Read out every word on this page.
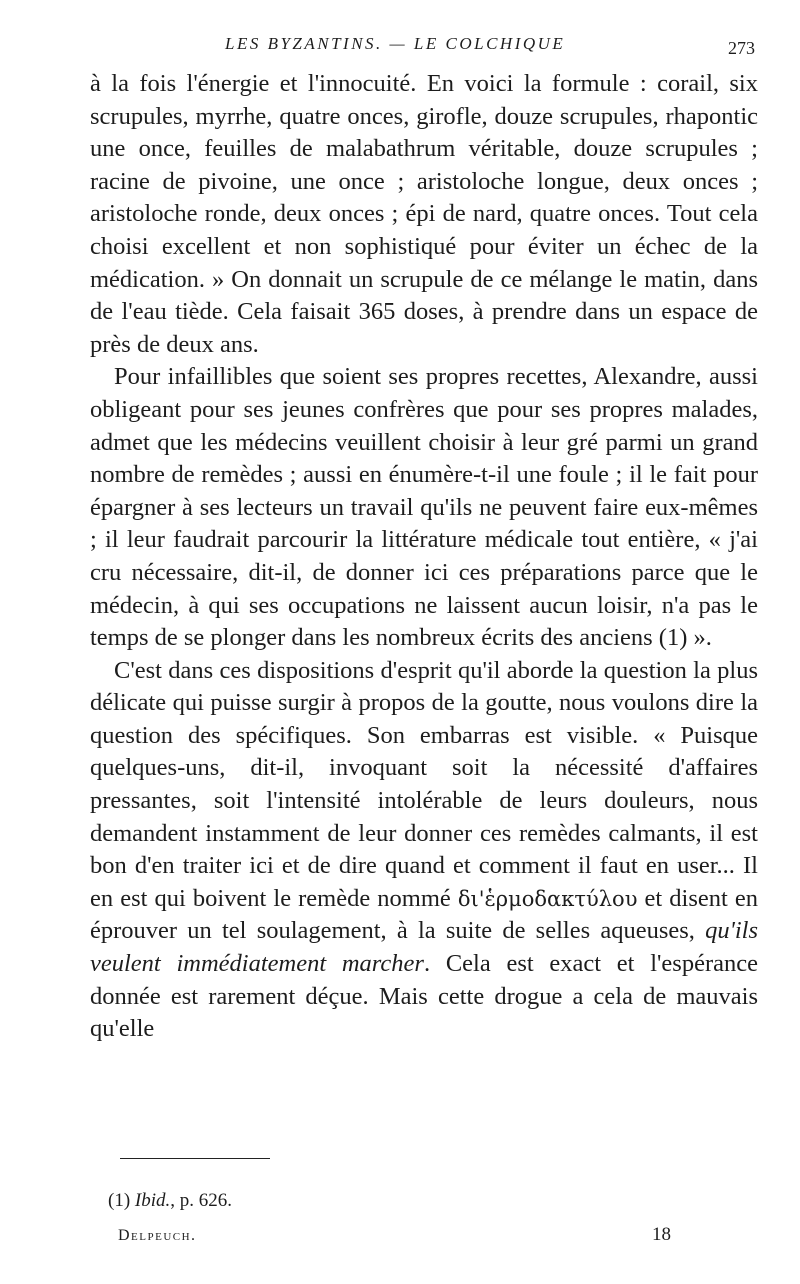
LES BYZANTINS. — LE COLCHIQUE	273

à la fois l'énergie et l'innocuité. En voici la formule : corail, six scrupules, myrrhe, quatre onces, girofle, douze scrupules, rhapontic une once, feuilles de malabathrum véritable, douze scrupules ; racine de pivoine, une once ; aristoloche longue, deux onces ; aristoloche ronde, deux onces ; épi de nard, quatre onces. Tout cela choisi excellent et non sophistiqué pour éviter un échec de la médication. » On donnait un scrupule de ce mélange le matin, dans de l'eau tiède. Cela faisait 365 doses, à prendre dans un espace de près de deux ans.

Pour infaillibles que soient ses propres recettes, Alexandre, aussi obligeant pour ses jeunes confrères que pour ses propres malades, admet que les médecins veuillent choisir à leur gré parmi un grand nombre de remèdes ; aussi en énumère-t-il une foule ; il le fait pour épargner à ses lecteurs un travail qu'ils ne peuvent faire eux-mêmes ; il leur faudrait parcourir la littérature médicale tout entière, « j'ai cru nécessaire, dit-il, de donner ici ces préparations parce que le médecin, à qui ses occupations ne laissent aucun loisir, n'a pas le temps de se plonger dans les nombreux écrits des anciens (1) ».

C'est dans ces dispositions d'esprit qu'il aborde la question la plus délicate qui puisse surgir à propos de la goutte, nous voulons dire la question des spécifiques. Son embarras est visible. « Puisque quelques-uns, dit-il, invoquant soit la nécessité d'affaires pressantes, soit l'intensité intolérable de leurs douleurs, nous demandent instamment de leur donner ces remèdes calmants, il est bon d'en traiter ici et de dire quand et comment il faut en user... Il en est qui boivent le remède nommé δι'ἑρμοδακτύλου et disent en éprouver un tel soulagement, à la suite de selles aqueuses, qu'ils veulent immédiatement marcher. Cela est exact et l'espérance donnée est rarement déçue. Mais cette drogue a cela de mauvais qu'elle

(1) Ibid., p. 626.
Delpeuch.	18
